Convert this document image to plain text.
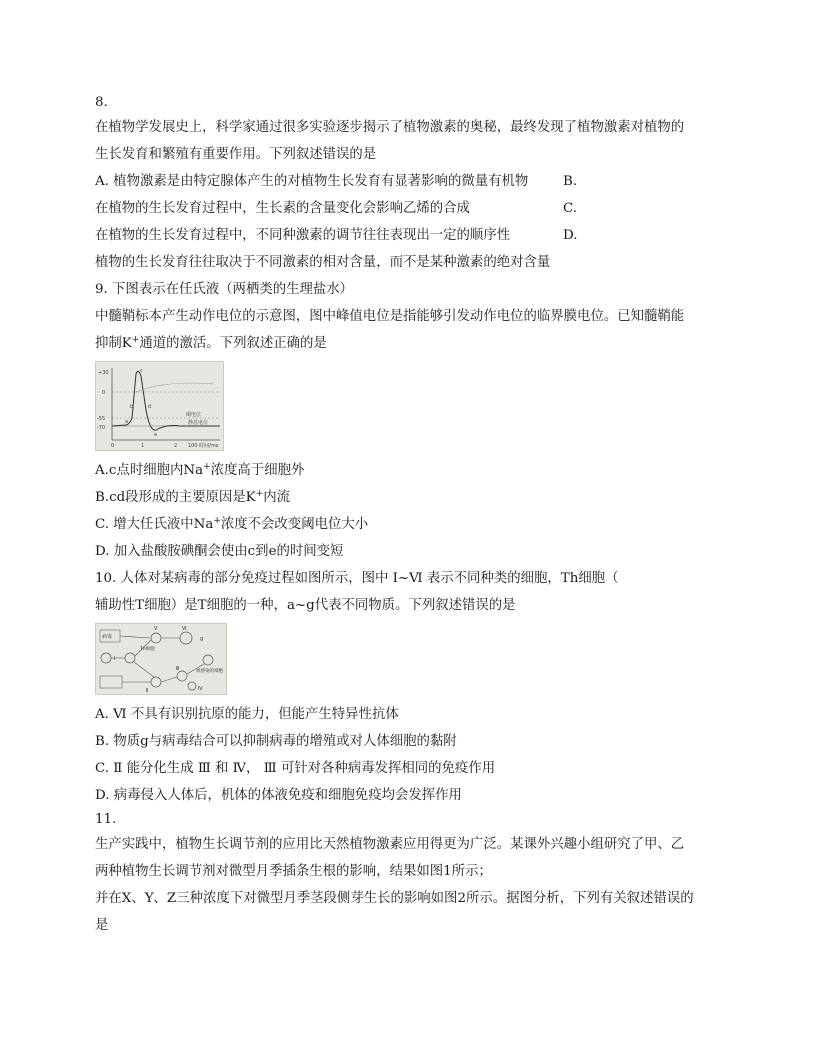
8.
在植物学发展史上，科学家通过很多实验逐步揭示了植物激素的奥秘，最终发现了植物激素对植物的
生长发育和繁殖有重要作用。下列叙述错误的是
A. 植物激素是由特定腺体产生的对植物生长发育有显著影响的微量有机物	B.
在植物的生长发育过程中，生长素的含量变化会影响乙烯的合成	C.
在植物的生长发育过程中，不同种激素的调节往往表现出一定的顺序性	D.
植物的生长发育往往取决于不同激素的相对含量，而不是某种激素的绝对含量
9. 下图表示在任氏液（两栖类的生理盐水）
中髓鞘标本产生动作电位的示意图，图中峰值电位是指能够引发动作电位的临界膜电位。已知髓鞘能
抑制K+通道的激活。下列叙述正确的是
+30
0
-55
-70
a
b
c
d
e
阈电位
静息电位
0	1	2 100 时间/ms
A.c点时细胞内Na+浓度高于细胞外
B.cd段形成的主要原因是K+内流
C. 增大任氏液中Na+浓度不会改变阈电位大小
D. 加入盐酸胺碘酮会使由c到e的时间变短
10. 人体对某病毒的部分免疫过程如图所示，图中 Ⅰ~Ⅵ 表示不同种类的细胞，Th细胞（
辅助性T细胞）是T细胞的一种，a~g代表不同物质。下列叙述错误的是
病毒
Ⅰ
Th细胞
Ⅴ	Ⅵ
g
被感染的细胞
Ⅱ
Ⅲ
Ⅳ
A. Ⅵ 不具有识别抗原的能力，但能产生特异性抗体
B. 物质g与病毒结合可以抑制病毒的增殖或对人体细胞的黏附
C. Ⅱ 能分化生成 Ⅲ 和 Ⅳ， Ⅲ 可针对各种病毒发挥相同的免疫作用
D. 病毒侵入人体后，机体的体液免疫和细胞免疫均会发挥作用
11.
生产实践中，植物生长调节剂的应用比天然植物激素应用得更为广泛。某课外兴趣小组研究了甲、乙
两种植物生长调节剂对微型月季插条生根的影响，结果如图1所示；
并在X、Y、Z三种浓度下对微型月季茎段侧芽生长的影响如图2所示。据图分析，下列有关叙述错误的
是
